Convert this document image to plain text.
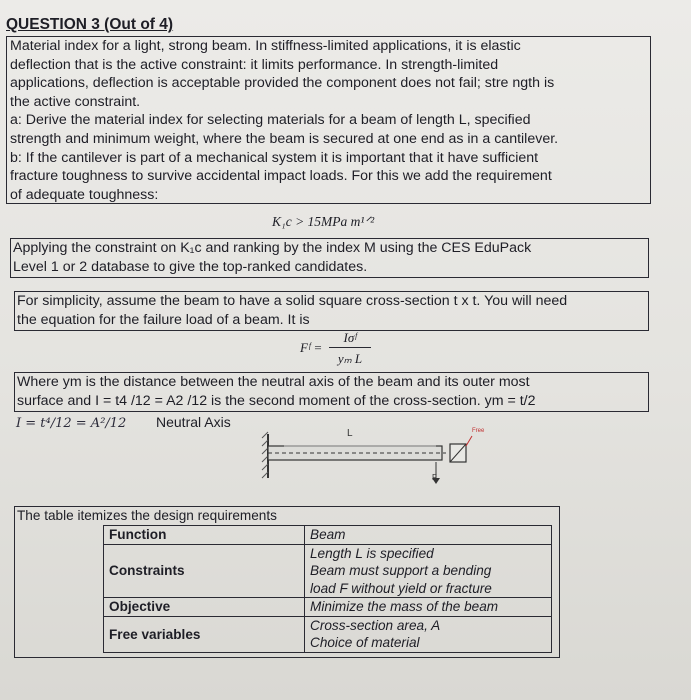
QUESTION 3 (Out of 4)
Material index for a light, strong beam. In stiffness-limited applications, it is elastic
deflection that is the active constraint: it limits performance. In strength-limited
applications, deflection is acceptable provided the component does not fail; stre ngth is
the active constraint.
a: Derive the material index for selecting materials for a beam of length L, specified
strength and minimum weight, where the beam is secured at one end as in a cantilever.
b: If the cantilever is part of a mechanical system it is important that it have sufficient
fracture toughness to survive accidental impact loads. For this we add the requirement
of adequate toughness:
K₁c > 15MPa m¹ᐟ²
Applying the constraint on K₁c and ranking by the index M using the CES EduPack
Level 1 or 2 database to give the top-ranked candidates.
For simplicity, assume the beam to have a solid square cross-section t x t. You will need
the equation for the failure load of a beam. It is
Fᶠ =
Iσᶠ
yₘ L
Where ym is the distance between the neutral axis of the beam and its outer most
surface and I = t4 /12 = A2 /12 is the second moment of the cross-section. ym = t/2
I = t⁴/12 = A²/12 Neutral Axis
L
F
Free
The table itemizes the design requirements
Function	Beam
Constraints	Length L is specified
Beam must support a bending
load F without yield or fracture

Objective	Minimize the mass of the beam
Free variables	Cross-section area, A
Choice of material
